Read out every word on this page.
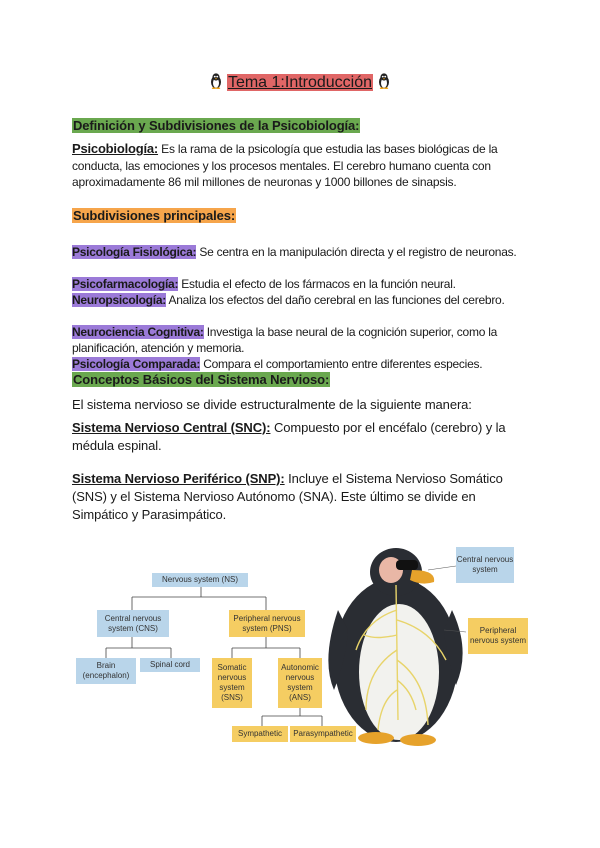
Tema 1:Introducción
Definición y Subdivisiones de la Psicobiología:
Psicobiología: Es la rama de la psicología que estudia las bases biológicas de la conducta, las emociones y los procesos mentales. El cerebro humano cuenta con aproximadamente 86 mil millones de neuronas y 1000 billones de sinapsis.
Subdivisiones principales:
Psicología Fisiológica: Se centra en la manipulación directa y el registro de neuronas.
Psicofarmacología: Estudia el efecto de los fármacos en la función neural.
Neuropsicología: Analiza los efectos del daño cerebral en las funciones del cerebro.
Neurociencia Cognitiva: Investiga la base neural de la cognición superior, como la planificación, atención y memoria.
Psicología Comparada: Compara el comportamiento entre diferentes especies.
Conceptos Básicos del Sistema Nervioso:
El sistema nervioso se divide estructuralmente de la siguiente manera:
Sistema Nervioso Central (SNC): Compuesto por el encéfalo (cerebro) y la médula espinal.
Sistema Nervioso Periférico (SNP): Incluye el Sistema Nervioso Somático (SNS) y el Sistema Nervioso Autónomo (SNA). Este último se divide en Simpático y Parasimpático.
Nervous system (NS)
Central nervous system (CNS)
Peripheral nervous system (PNS)
Brain (encephalon)
Spinal cord	Somatic nervous system (SNS)
Autonomic nervous system (ANS)
Sympathetic	Parasympathetic
Central nervous system
Peripheral nervous system
